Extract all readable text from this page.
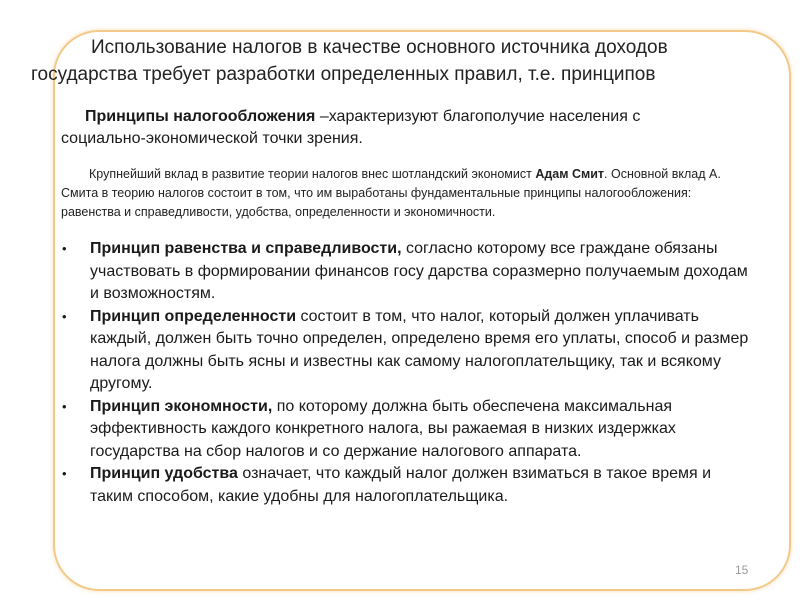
Использование налогов в качестве основного источника доходов
государства требует разработки определенных правил, т.е. принципов
Принципы налогообложения –характеризуют благополучие населения с социально-экономической точки зрения.
Крупнейший вклад в развитие теории налогов внес шотландский экономист Адам Смит. Основной вклад А. Смита в теорию налогов состоит в том, что им выработаны фундаментальные принципы налогообложения: равенства и справедливости, удобства, определенности и экономичности.
• Принцип равенства и справедливости, согласно которому все граждане обязаны участвовать в формировании финансов госу дарства соразмерно получаемым доходам и возможностям.
• Принцип определенности состоит в том, что налог, который должен уплачивать каждый, должен быть точно определен, определено время его уплаты, способ и размер налога должны быть ясны и известны как самому налогоплательщику, так и всякому другому.
• Принцип экономности, по которому должна быть обеспечена максимальная эффективность каждого конкретного налога, вы ражаемая в низких издержках государства на сбор налогов и со держание налогового аппарата.
• Принцип удобства означает, что каждый налог должен взиматься в такое время и таким способом, какие удобны для налогоплательщика.
15
